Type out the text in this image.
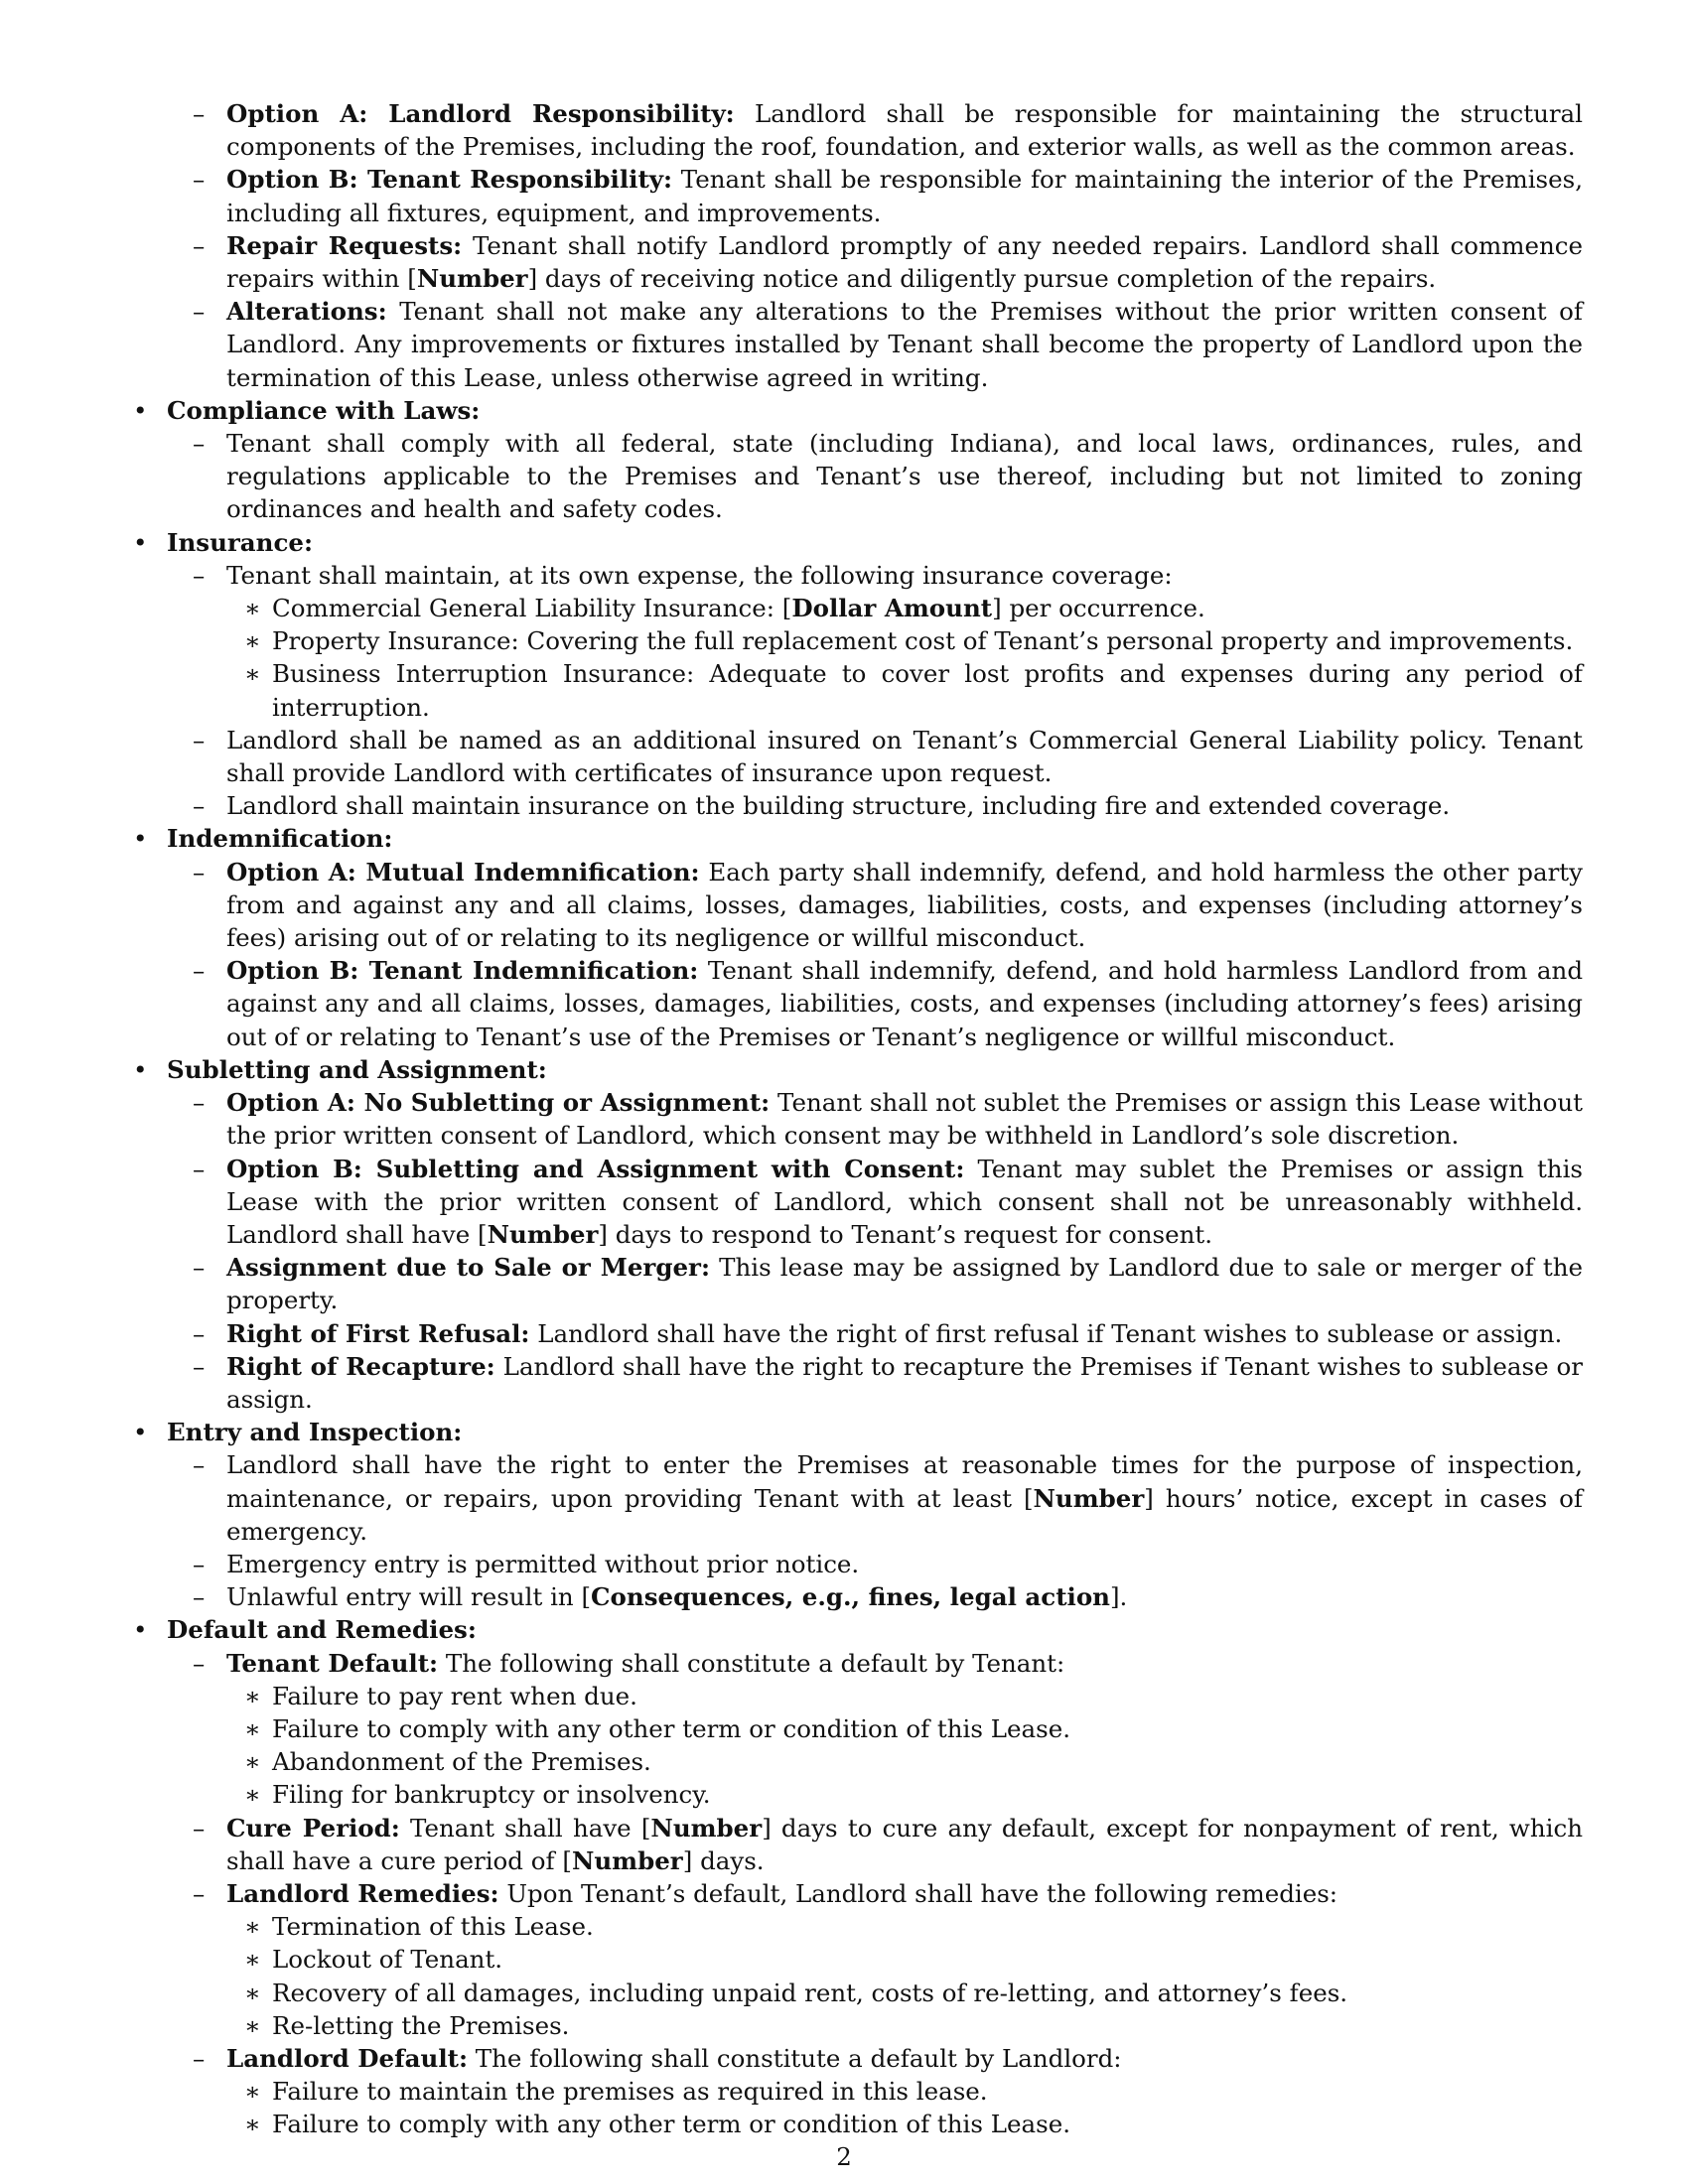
– Option A: Landlord Responsibility: Landlord shall be responsible for maintaining the structural components of the Premises, including the roof, foundation, and exterior walls, as well as the common areas.
– Option B: Tenant Responsibility: Tenant shall be responsible for maintaining the interior of the Premises, including all fixtures, equipment, and improvements.
– Repair Requests: Tenant shall notify Landlord promptly of any needed repairs. Landlord shall commence repairs within [Number] days of receiving notice and diligently pursue completion of the repairs.
– Alterations: Tenant shall not make any alterations to the Premises without the prior written consent of Landlord. Any improvements or fixtures installed by Tenant shall become the property of Landlord upon the termination of this Lease, unless otherwise agreed in writing.
• Compliance with Laws:
– Tenant shall comply with all federal, state (including Indiana), and local laws, ordinances, rules, and regulations applicable to the Premises and Tenant’s use thereof, including but not limited to zoning ordinances and health and safety codes.
• Insurance:
– Tenant shall maintain, at its own expense, the following insurance coverage:
∗ Commercial General Liability Insurance: [Dollar Amount] per occurrence.
∗ Property Insurance: Covering the full replacement cost of Tenant’s personal property and improvements.
∗ Business Interruption Insurance: Adequate to cover lost profits and expenses during any period of interruption.
– Landlord shall be named as an additional insured on Tenant’s Commercial General Liability policy. Tenant shall provide Landlord with certificates of insurance upon request.
– Landlord shall maintain insurance on the building structure, including fire and extended coverage.
• Indemnification:
– Option A: Mutual Indemnification: Each party shall indemnify, defend, and hold harmless the other party from and against any and all claims, losses, damages, liabilities, costs, and expenses (including attorney’s fees) arising out of or relating to its negligence or willful misconduct.
– Option B: Tenant Indemnification: Tenant shall indemnify, defend, and hold harmless Landlord from and against any and all claims, losses, damages, liabilities, costs, and expenses (including attorney’s fees) arising out of or relating to Tenant’s use of the Premises or Tenant’s negligence or willful misconduct.
• Subletting and Assignment:
– Option A: No Subletting or Assignment: Tenant shall not sublet the Premises or assign this Lease without the prior written consent of Landlord, which consent may be withheld in Landlord’s sole discretion.
– Option B: Subletting and Assignment with Consent: Tenant may sublet the Premises or assign this Lease with the prior written consent of Landlord, which consent shall not be unreasonably withheld. Landlord shall have [Number] days to respond to Tenant’s request for consent.
– Assignment due to Sale or Merger: This lease may be assigned by Landlord due to sale or merger of the property.
– Right of First Refusal: Landlord shall have the right of first refusal if Tenant wishes to sublease or assign.
– Right of Recapture: Landlord shall have the right to recapture the Premises if Tenant wishes to sublease or assign.
• Entry and Inspection:
– Landlord shall have the right to enter the Premises at reasonable times for the purpose of inspection, maintenance, or repairs, upon providing Tenant with at least [Number] hours’ notice, except in cases of emergency.
– Emergency entry is permitted without prior notice.
– Unlawful entry will result in [Consequences, e.g., fines, legal action].
• Default and Remedies:
– Tenant Default: The following shall constitute a default by Tenant:
∗ Failure to pay rent when due.
∗ Failure to comply with any other term or condition of this Lease.
∗ Abandonment of the Premises.
∗ Filing for bankruptcy or insolvency.
– Cure Period: Tenant shall have [Number] days to cure any default, except for nonpayment of rent, which shall have a cure period of [Number] days.
– Landlord Remedies: Upon Tenant’s default, Landlord shall have the following remedies:
∗ Termination of this Lease.
∗ Lockout of Tenant.
∗ Recovery of all damages, including unpaid rent, costs of re-letting, and attorney’s fees.
∗ Re-letting the Premises.
– Landlord Default: The following shall constitute a default by Landlord:
∗ Failure to maintain the premises as required in this lease.
∗ Failure to comply with any other term or condition of this Lease.
2
